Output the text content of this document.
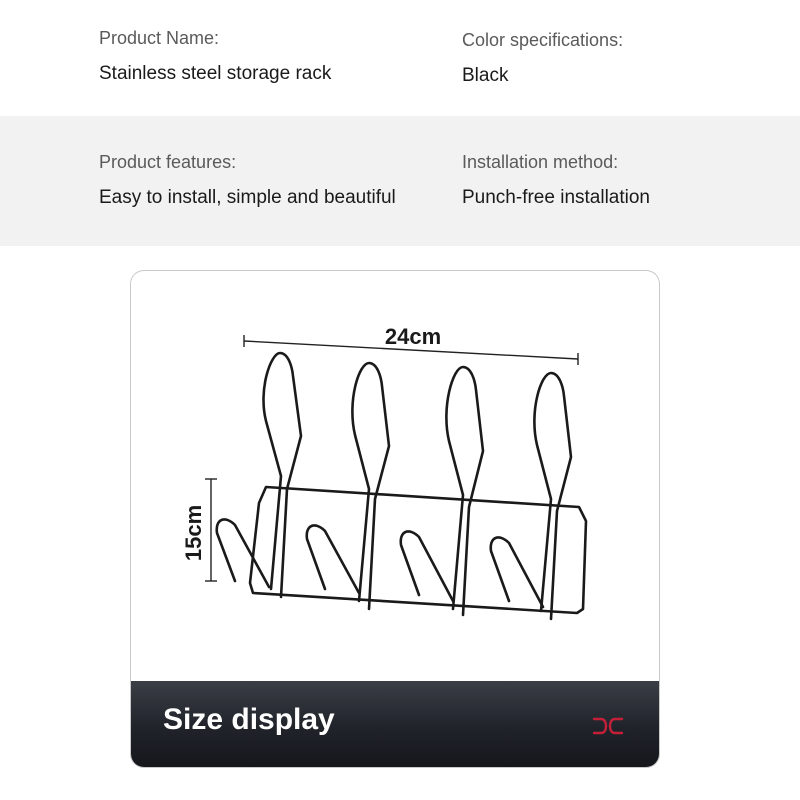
Product Name:
Stainless steel storage rack
Color specifications:
Black
Product features:
Easy to install, simple and beautiful
Installation method:
Punch-free installation
24cm
15cm
Size display
